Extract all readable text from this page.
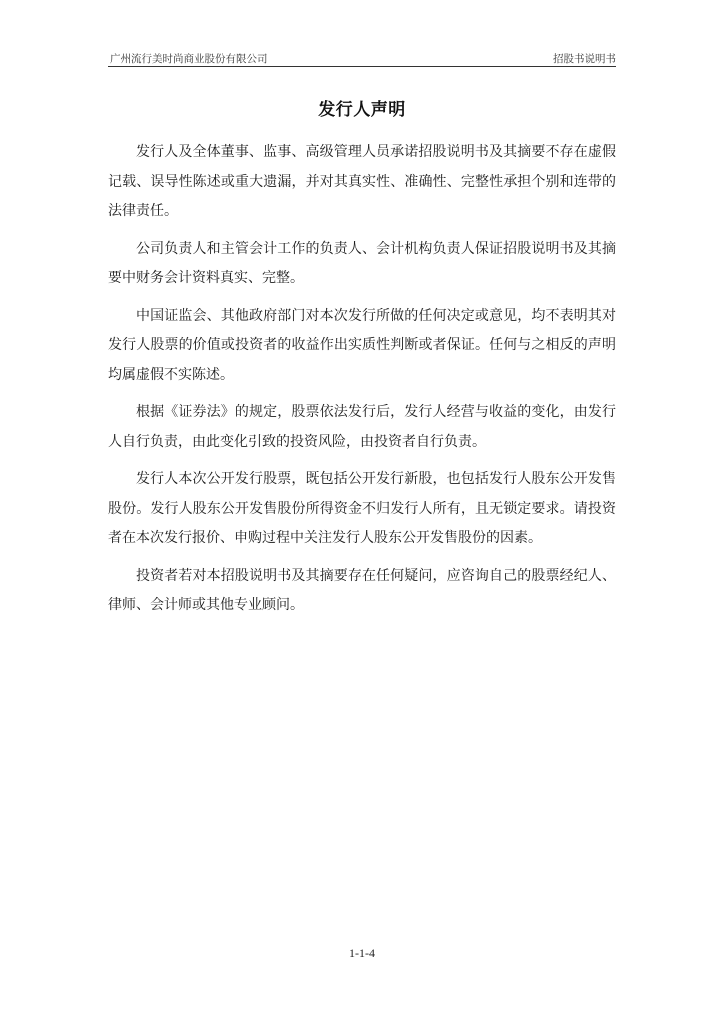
广州流行美时尚商业股份有限公司	招股书说明书
发行人声明

发行人及全体董事、监事、高级管理人员承诺招股说明书及其摘要不存在虚假记载、误导性陈述或重大遗漏，并对其真实性、准确性、完整性承担个别和连带的法律责任。

公司负责人和主管会计工作的负责人、会计机构负责人保证招股说明书及其摘要中财务会计资料真实、完整。

中国证监会、其他政府部门对本次发行所做的任何决定或意见，均不表明其对发行人股票的价值或投资者的收益作出实质性判断或者保证。任何与之相反的声明均属虚假不实陈述。

根据《证券法》的规定，股票依法发行后，发行人经营与收益的变化，由发行人自行负责，由此变化引致的投资风险，由投资者自行负责。

发行人本次公开发行股票，既包括公开发行新股，也包括发行人股东公开发售股份。发行人股东公开发售股份所得资金不归发行人所有，且无锁定要求。请投资者在本次发行报价、申购过程中关注发行人股东公开发售股份的因素。

投资者若对本招股说明书及其摘要存在任何疑问，应咨询自己的股票经纪人、律师、会计师或其他专业顾问。

1-1-4
